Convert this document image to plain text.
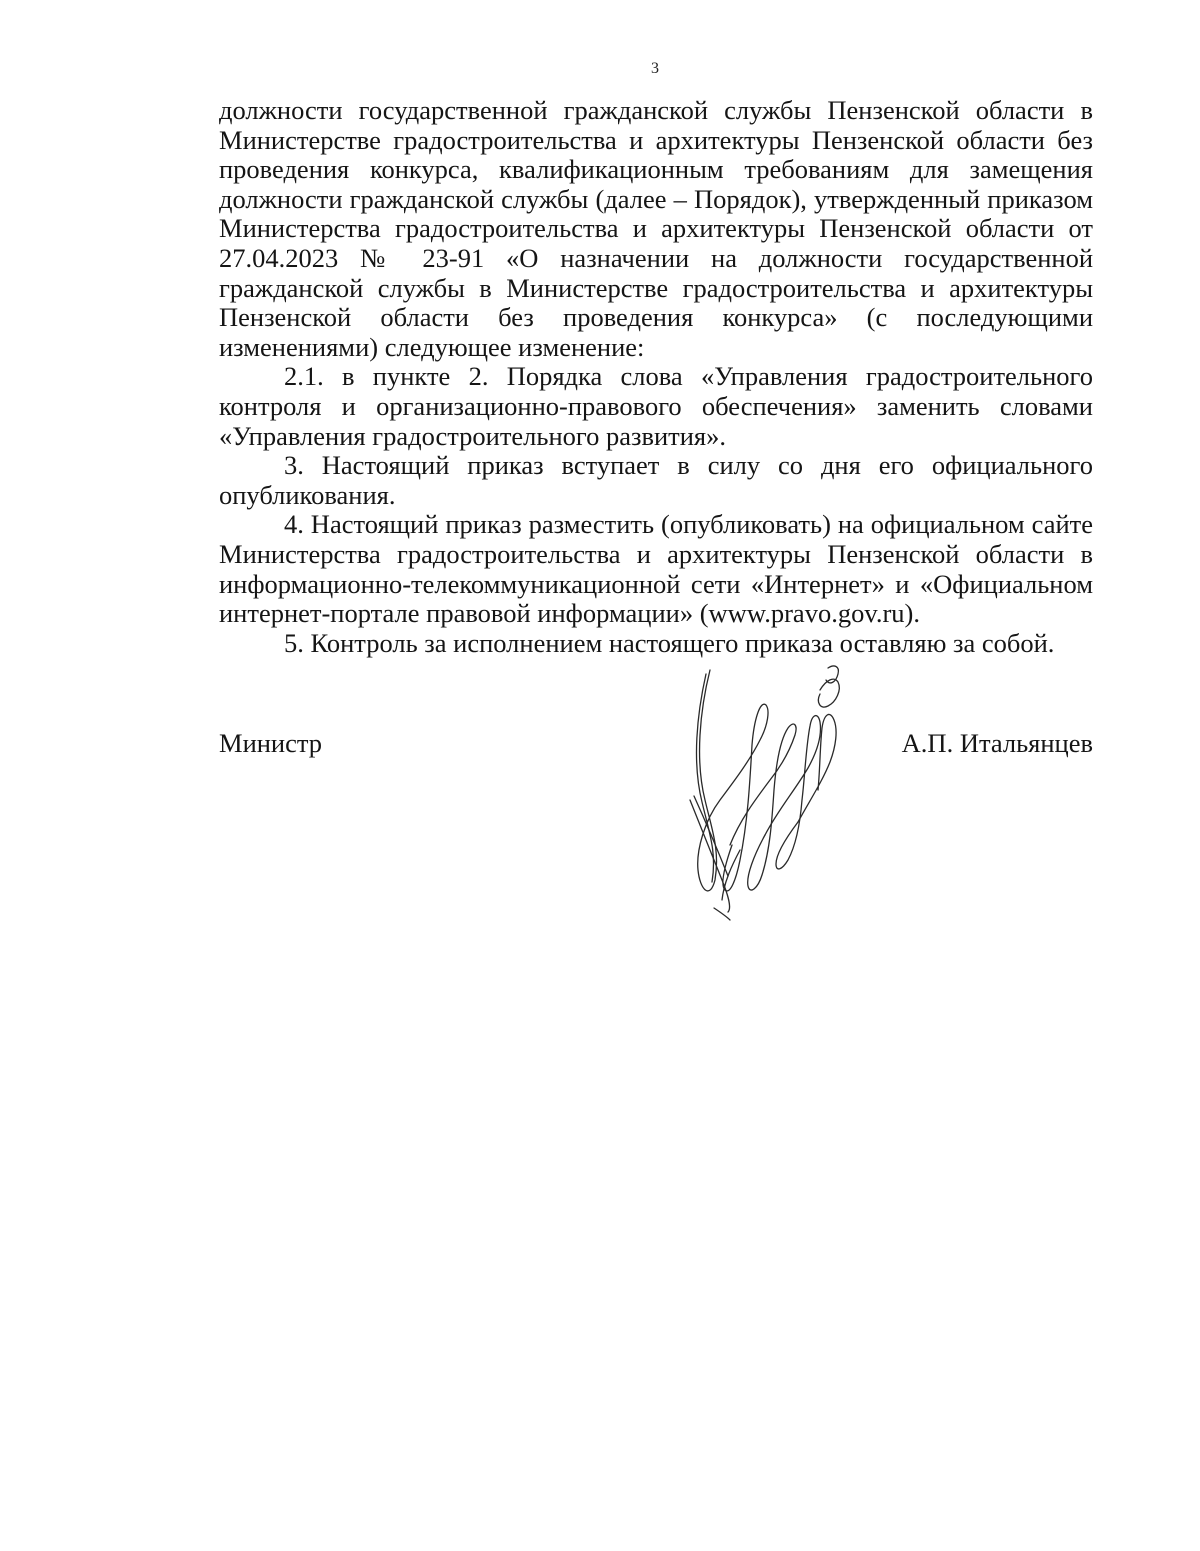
3

должности государственной гражданской службы Пензенской области в Министерстве градостроительства и архитектуры Пензенской области без проведения конкурса, квалификационным требованиям для замещения должности гражданской службы (далее – Порядок), утвержденный приказом Министерства градостроительства и архитектуры Пензенской области от 27.04.2023 № 23-91 «О назначении на должности государственной гражданской службы в Министерстве градостроительства и архитектуры Пензенской области без проведения конкурса» (с последующими изменениями) следующее изменение:

2.1. в пункте 2. Порядка слова «Управления градостроительного контроля и организационно-правового обеспечения» заменить словами «Управления градостроительного развития».

3. Настоящий приказ вступает в силу со дня его официального опубликования.

4. Настоящий приказ разместить (опубликовать) на официальном сайте Министерства градостроительства и архитектуры Пензенской области в информационно-телекоммуникационной сети «Интернет» и «Официальном интернет-портале правовой информации» (www.pravo.gov.ru).

5. Контроль за исполнением настоящего приказа оставляю за собой.

Министр	А.П. Итальянцев
